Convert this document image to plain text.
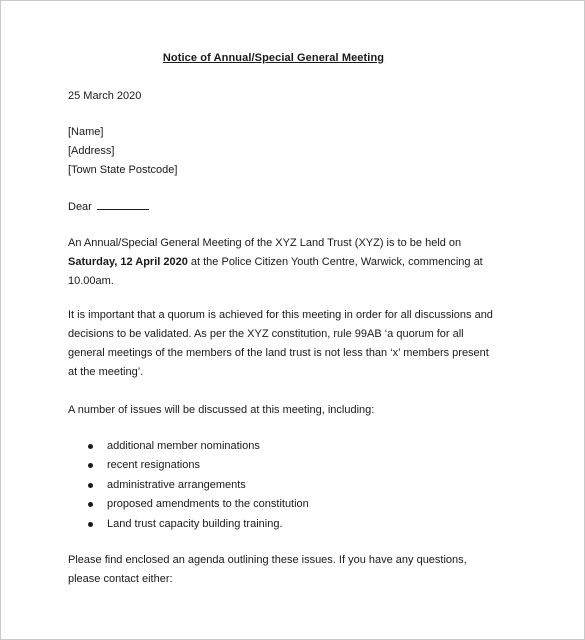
Notice of Annual/Special General Meeting
25 March 2020
[Name]
[Address]
[Town State Postcode]
Dear

An Annual/Special General Meeting of the XYZ Land Trust (XYZ) is to be held on Saturday, 12 April 2020 at the Police Citizen Youth Centre, Warwick, commencing at 10.00am.

It is important that a quorum is achieved for this meeting in order for all discussions and decisions to be validated. As per the XYZ constitution, rule 99AB ‘a quorum for all general meetings of the members of the land trust is not less than ‘x’ members present at the meeting’.

A number of issues will be discussed at this meeting, including:

additional member nominations
recent resignations
administrative arrangements
proposed amendments to the constitution
Land trust capacity building training.

Please find enclosed an agenda outlining these issues. If you have any questions, please contact either:
